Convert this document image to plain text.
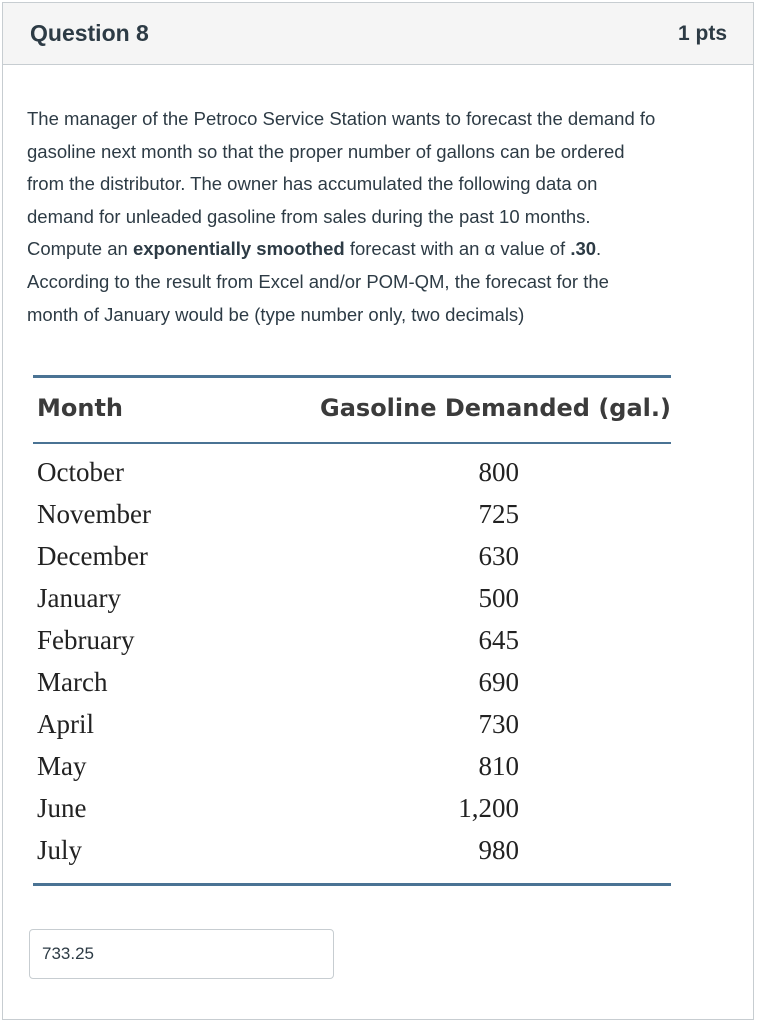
Question 8	1 pts
The manager of the Petroco Service Station wants to forecast the demand fo
gasoline next month so that the proper number of gallons can be ordered
from the distributor. The owner has accumulated the following data on
demand for unleaded gasoline from sales during the past 10 months.
Compute an exponentially smoothed forecast with an α value of .30.
According to the result from Excel and/or POM-QM, the forecast for the
month of January would be (type number only, two decimals)
Month	Gasoline Demanded (gal.)
October	800
November	725
December	630
January	500
February	645
March	690
April	730
May	810
June	1,200
July	980
733.25
